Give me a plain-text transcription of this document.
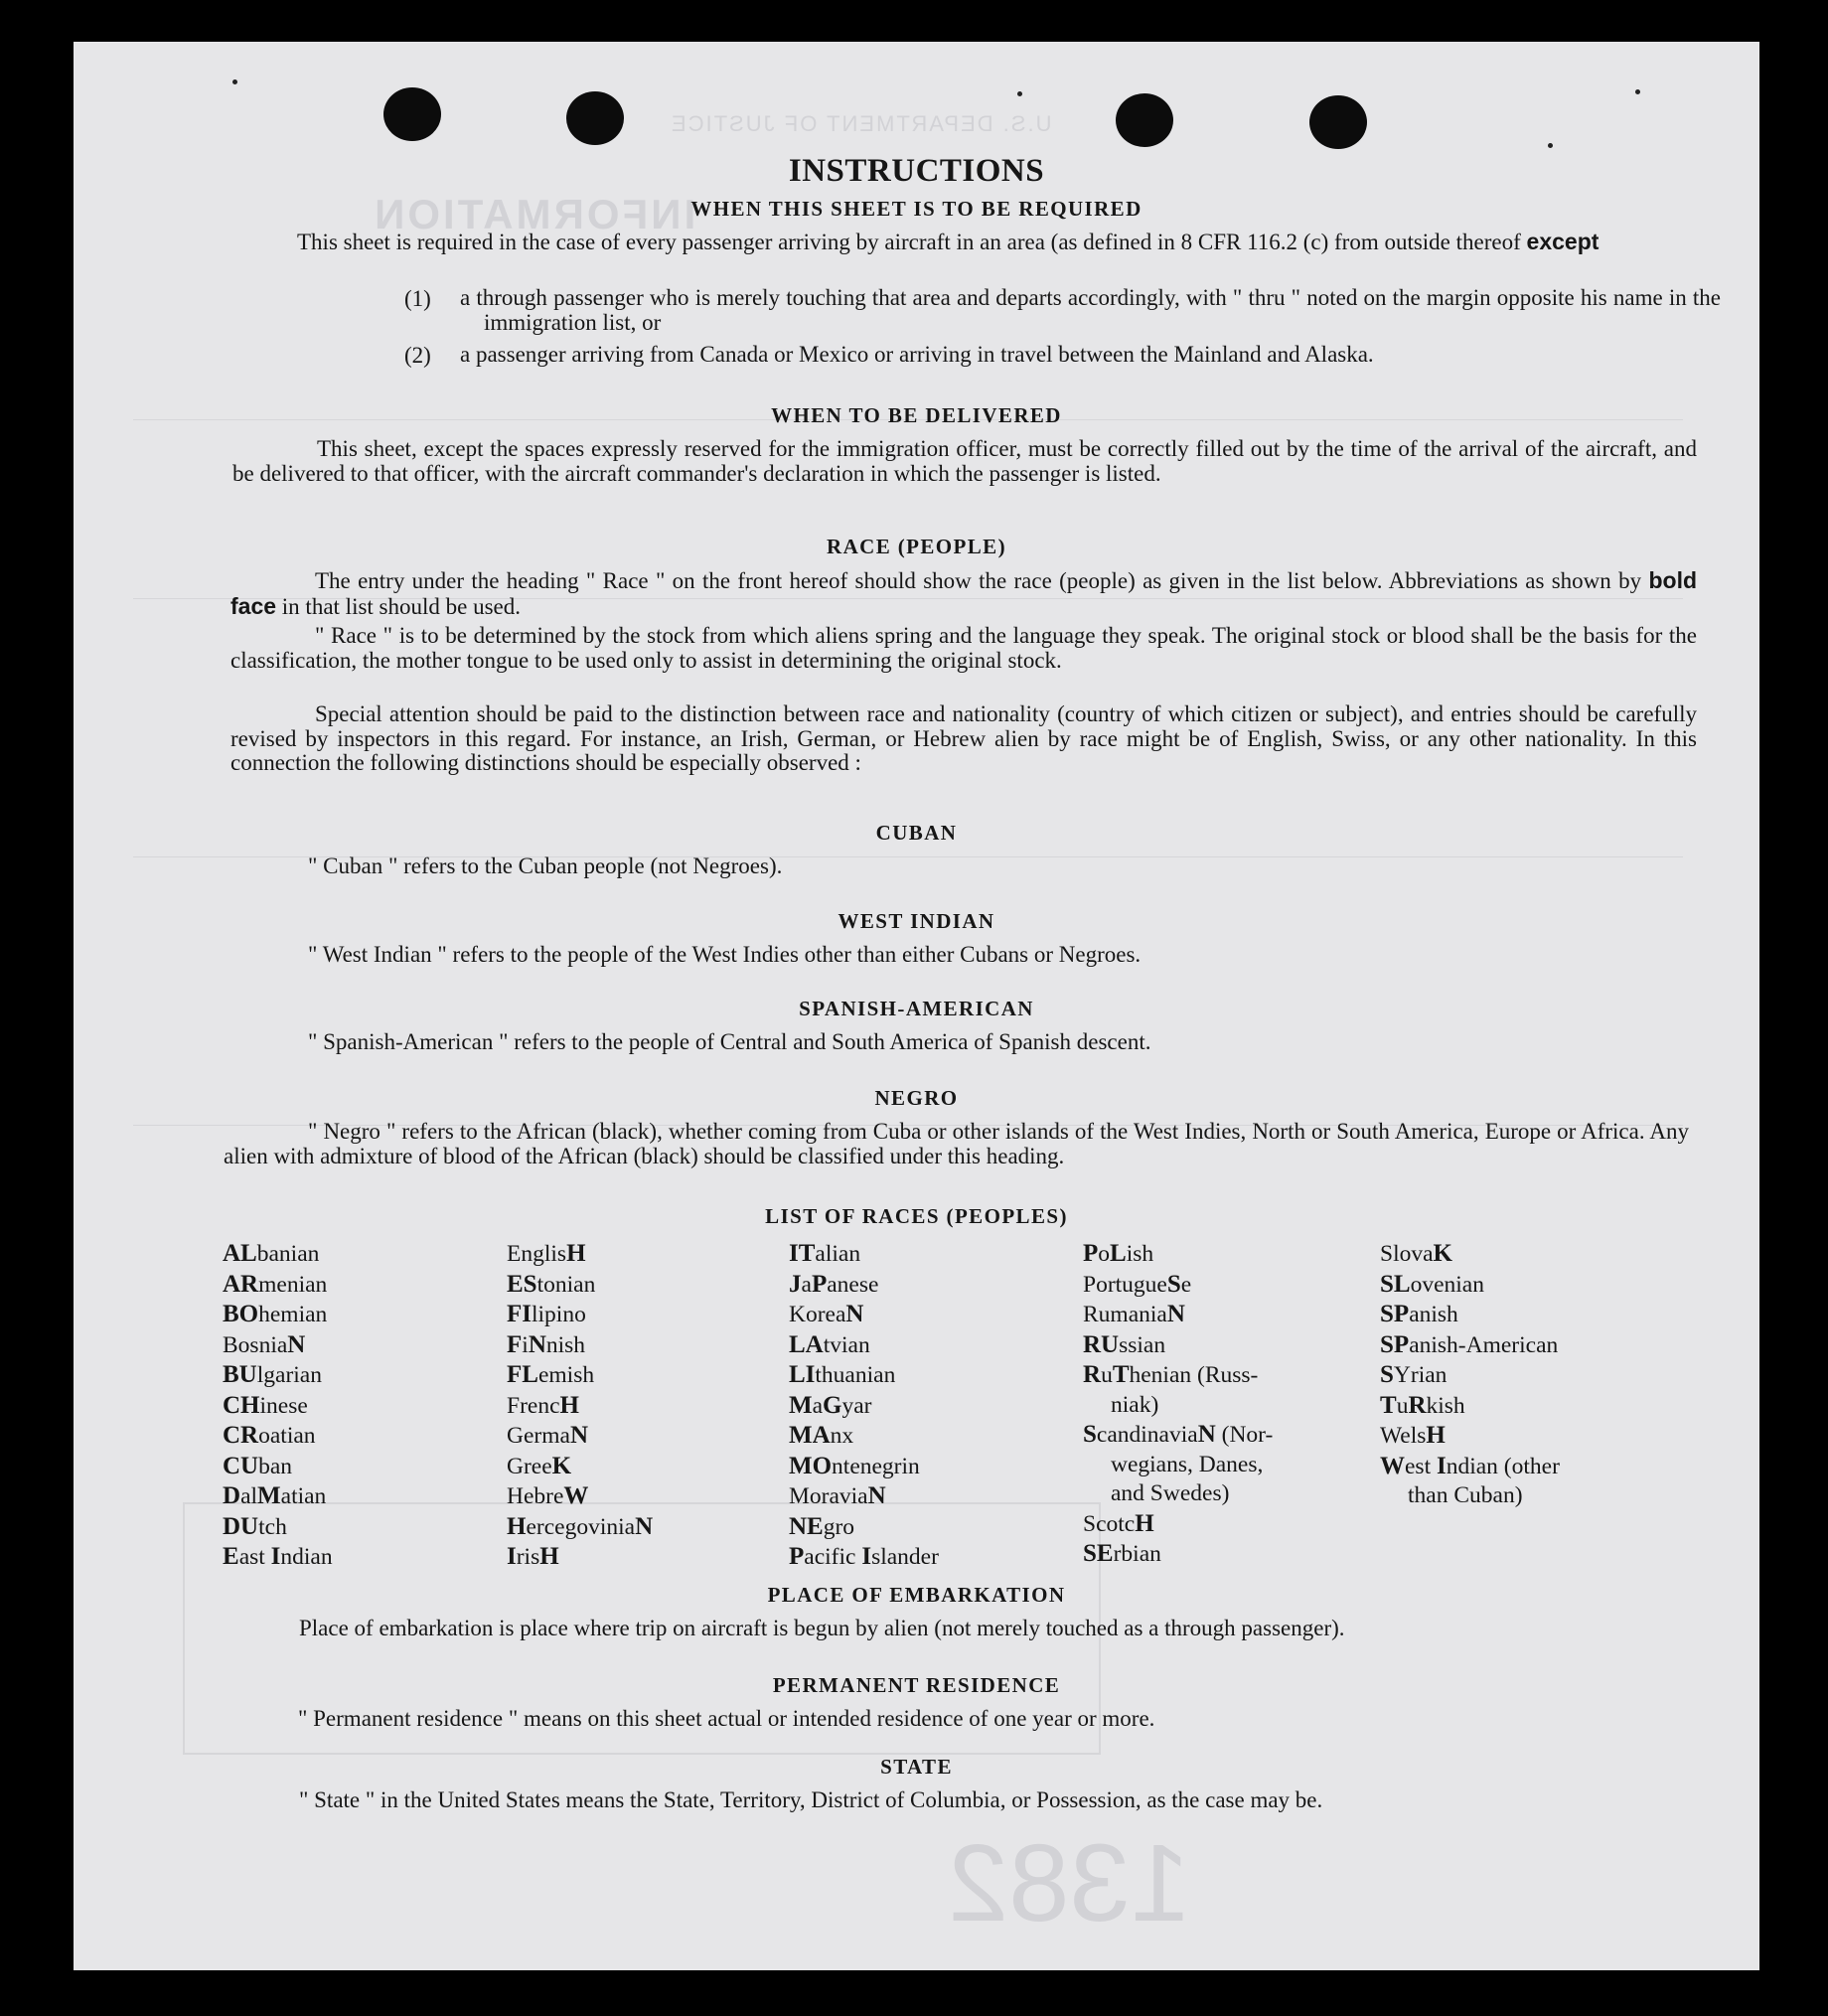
U.S. DEPARTMENT OF JUSTICE
INFORMATION
1382
INSTRUCTIONS
WHEN THIS SHEET IS TO BE REQUIRED

This sheet is required in the case of every passenger arriving by aircraft in an area (as defined in 8 CFR 116.2 (c) from outside thereof except

(1) a through passenger who is merely touching that area and departs accordingly, with " thru " noted on the margin opposite his name in the immigration list, or

(2) a passenger arriving from Canada or Mexico or arriving in travel between the Mainland and Alaska.

WHEN TO BE DELIVERED

This sheet, except the spaces expressly reserved for the immigration officer, must be correctly filled out by the time of the arrival of the aircraft, and be delivered to that officer, with the aircraft commander's declaration in which the passenger is listed.

RACE (PEOPLE)

The entry under the heading " Race " on the front hereof should show the race (people) as given in the list below. Abbreviations as shown by bold face in that list should be used.

" Race " is to be determined by the stock from which aliens spring and the language they speak. The original stock or blood shall be the basis for the classification, the mother tongue to be used only to assist in determining the original stock.

Special attention should be paid to the distinction between race and nationality (country of which citizen or subject), and entries should be carefully revised by inspectors in this regard. For instance, an Irish, German, or Hebrew alien by race might be of English, Swiss, or any other nationality. In this connection the following distinctions should be especially observed :

CUBAN

" Cuban " refers to the Cuban people (not Negroes).

WEST INDIAN

" West Indian " refers to the people of the West Indies other than either Cubans or Negroes.

SPANISH-AMERICAN

" Spanish-American " refers to the people of Central and South America of Spanish descent.

NEGRO

" Negro " refers to the African (black), whether coming from Cuba or other islands of the West Indies, North or South America, Europe or Africa. Any alien with admixture of blood of the African (black) should be classified under this heading.

LIST OF RACES (PEOPLES)
ALbanian
ARmenian
BOhemian
BosniaN
BUlgarian
CHinese
CRoatian
CUban
DalMatian
DUtch
East Indian
EnglisH
EStonian
FIlipino
FiNnish
FLemish
FrencH
GermaN
GreeK
HebreW
HercegoviniaN
IrisH
ITalian
JaPanese
KoreaN
LAtvian
LIthuanian
MaGyar
MAnx
MOntenegrin
MoraviaN
NEgro
Pacific Islander
PoLish
PortugueSe
RumaniaN
RUssian
RuThenian (Russ-
niak)
ScandinaviaN (Nor-
wegians, Danes,
and Swedes)
ScotcH
SErbian
SlovaK
SLovenian
SPanish
SPanish-American
SYrian
TuRkish
WelsH
West Indian (other
than Cuban)
PLACE OF EMBARKATION

Place of embarkation is place where trip on aircraft is begun by alien (not merely touched as a through passenger).

PERMANENT RESIDENCE

" Permanent residence " means on this sheet actual or intended residence of one year or more.

STATE

" State " in the United States means the State, Territory, District of Columbia, or Possession, as the case may be.
